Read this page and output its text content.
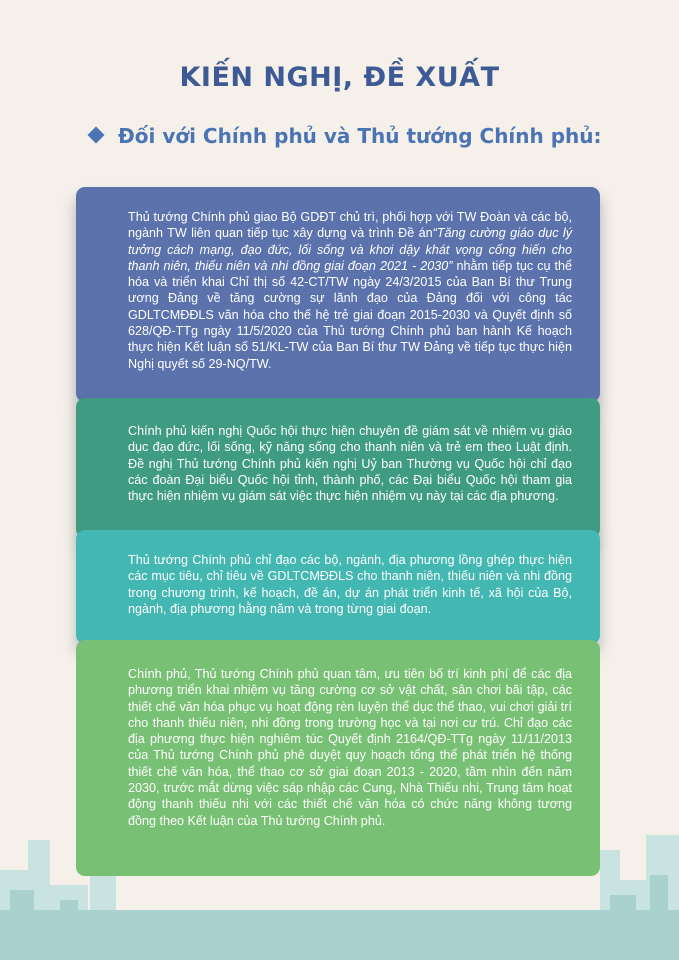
KIẾN NGHỊ, ĐỀ XUẤT
Đối với Chính phủ và Thủ tướng Chính phủ:

Thủ tướng Chính phủ giao Bộ GDĐT chủ trì, phối hợp với TW Đoàn và các bộ, ngành TW liên quan tiếp tục xây dựng và trình Đề án“Tăng cường giáo dục lý tưởng cách mạng, đạo đức, lối sống và khơi dậy khát vọng cống hiến cho thanh niên, thiếu niên và nhi đồng giai đoạn 2021 - 2030” nhằm tiếp tục cụ thể hóa và triển khai Chỉ thị số 42-CT/TW ngày 24/3/2015 của Ban Bí thư Trung ương Đảng về tăng cường sự lãnh đạo của Đảng đối với công tác GDLTCMĐĐLS văn hóa cho thế hệ trẻ giai đoạn 2015-2030 và Quyết định số 628/QĐ-TTg ngày 11/5/2020 của Thủ tướng Chính phủ ban hành Kế hoạch thực hiện Kết luận số 51/KL-TW của Ban Bí thư TW Đảng về tiếp tục thực hiện Nghị quyết số 29-NQ/TW.

Chính phủ kiến nghị Quốc hội thực hiện chuyên đề giám sát về nhiệm vụ giáo dục đạo đức, lối sống, kỹ năng sống cho thanh niên và trẻ em theo Luật định. Đề nghị Thủ tướng Chính phủ kiến nghị Uỷ ban Thường vụ Quốc hội chỉ đạo các đoàn Đại biểu Quốc hội tỉnh, thành phố, các Đại biểu Quốc hội tham gia thực hiện nhiệm vụ giám sát việc thực hiện nhiệm vụ này tại các địa phương.

Thủ tướng Chính phủ chỉ đạo các bộ, ngành, địa phương lồng ghép thực hiện các mục tiêu, chỉ tiêu về GDLTCMĐĐLS cho thanh niên, thiếu niên và nhi đồng trong chương trình, kế hoạch, đề án, dự án phát triển kinh tế, xã hội của Bộ, ngành, địa phương hằng năm và trong từng giai đoạn.

Chính phủ, Thủ tướng Chính phủ quan tâm, ưu tiên bố trí kinh phí để các địa phương triển khai nhiệm vụ tăng cường cơ sở vật chất, sân chơi bãi tập, các thiết chế văn hóa phục vụ hoạt động rèn luyện thể dục thể thao, vui chơi giải trí cho thanh thiếu niên, nhi đồng trong trường học và tại nơi cư trú. Chỉ đạo các địa phương thực hiện nghiêm túc Quyết định 2164/QĐ-TTg ngày 11/11/2013 của Thủ tướng Chính phủ phê duyệt quy hoạch tổng thể phát triển hệ thống thiết chế văn hóa, thể thao cơ sở giai đoạn 2013 - 2020, tầm nhìn đến năm 2030, trước mắt dừng việc sáp nhập các Cung, Nhà Thiếu nhi, Trung tâm hoạt động thanh thiếu nhi với các thiết chế văn hóa có chức năng không tương đồng theo Kết luận của Thủ tướng Chính phủ.
